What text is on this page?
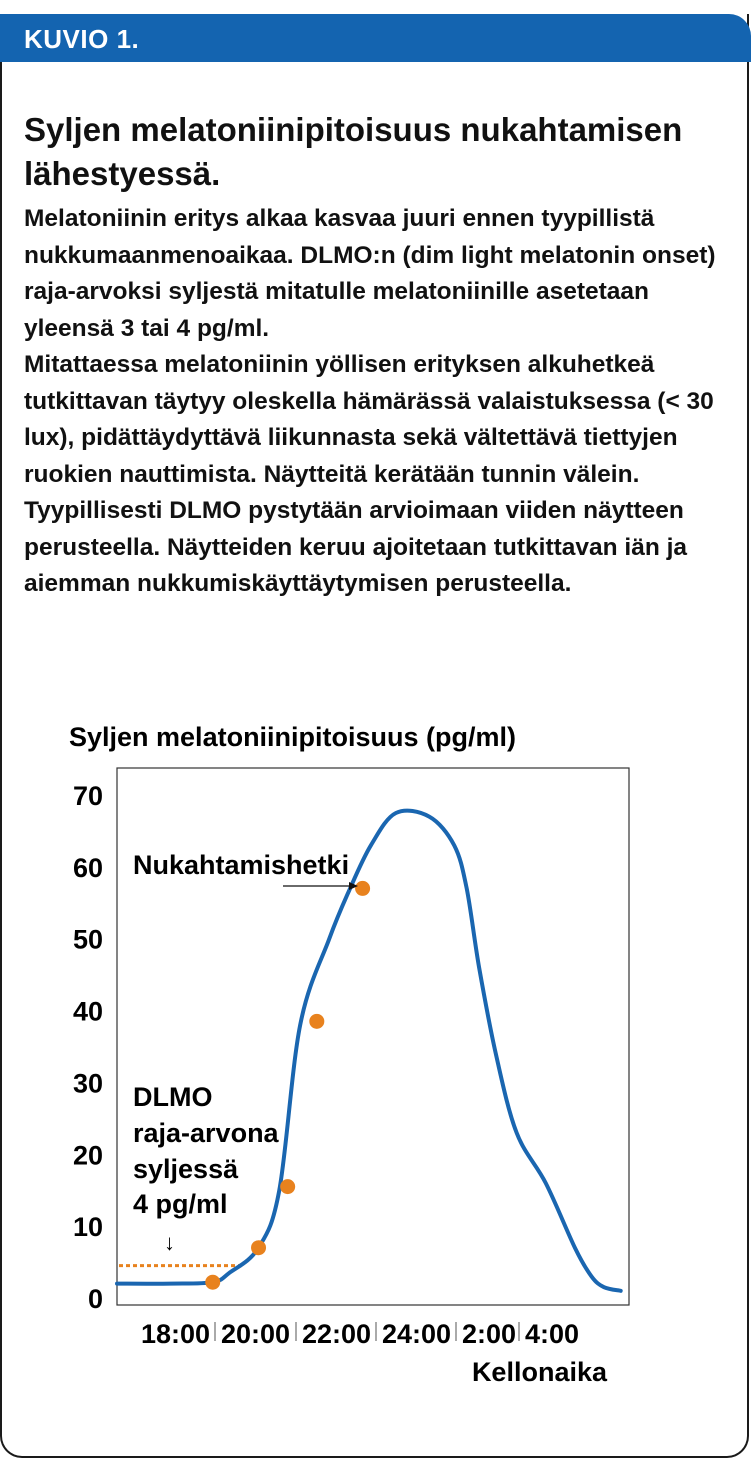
KUVIO 1.
Syljen melatoniinipitoisuus nukahtamisen lähestyessä.

Melatoniinin eritys alkaa kasvaa juuri ennen tyypillistä nukkumaanmenoaikaa. DLMO:n (dim light melatonin onset) raja-arvoksi syljestä mitatulle melatoniinille asetetaan yleensä 3 tai 4 pg/ml.

Mitattaessa melatoniinin yöllisen erityksen alkuhetkeä tutkittavan täytyy oleskella hämärässä valaistuksessa (< 30 lux), pidättäydyttävä liikunnasta sekä vältettävä tiettyjen ruokien nauttimista. Näytteitä kerätään tunnin välein. Tyypillisesti DLMO pystytään arvioimaan viiden näytteen perusteella. Näytteiden keruu ajoitetaan tutkittavan iän ja aiemman nukkumiskäyttäytymisen perusteella.

Syljen melatoniinipitoisuus (pg/ml)
0
10
20
30
40
50
60
70
18:00 20:00 22:00 24:00 2:00 4:00
Kellonaika
Nukahtamishetki
DLMO
raja-arvona
syljessä
4 pg/ml
↓
